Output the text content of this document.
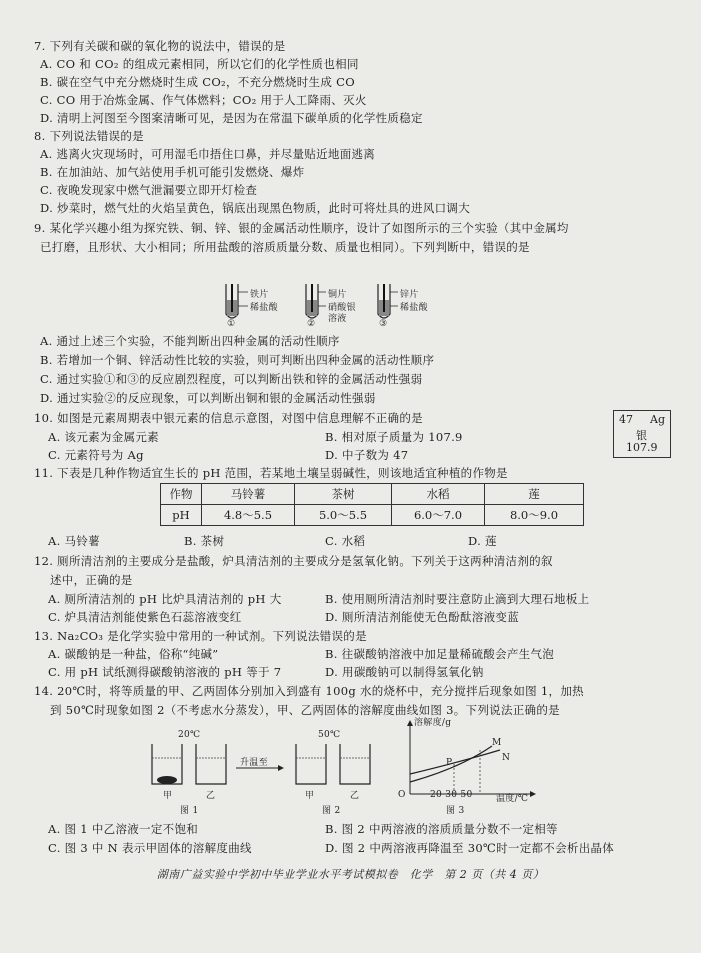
7. 下列有关碳和碳的氧化物的说法中，错误的是
A. CO 和 CO₂ 的组成元素相同，所以它们的化学性质也相同
B. 碳在空气中充分燃烧时生成 CO₂，不充分燃烧时生成 CO
C. CO 用于冶炼金属、作气体燃料；CO₂ 用于人工降雨、灭火
D. 清明上河图至今图案清晰可见，是因为在常温下碳单质的化学性质稳定
8. 下列说法错误的是
A. 逃离火灾现场时，可用湿毛巾捂住口鼻，并尽量贴近地面逃离
B. 在加油站、加气站使用手机可能引发燃烧、爆炸
C. 夜晚发现家中燃气泄漏要立即开灯检查
D. 炒菜时，燃气灶的火焰呈黄色，锅底出现黑色物质，此时可将灶具的进风口调大
9. 某化学兴趣小组为探究铁、铜、锌、银的金属活动性顺序，设计了如图所示的三个实验（其中金属均
已打磨，且形状、大小相同；所用盐酸的溶质质量分数、质量也相同）。下列判断中，错误的是
铁片
稀盐酸
①
铜片
硝酸银
溶液
②
锌片
稀盐酸
③
A. 通过上述三个实验，不能判断出四种金属的活动性顺序
B. 若增加一个铜、锌活动性比较的实验，则可判断出四种金属的活动性顺序
C. 通过实验①和③的反应剧烈程度，可以判断出铁和锌的金属活动性强弱
D. 通过实验②的反应现象，可以判断出铜和银的金属活动性强弱
10. 如图是元素周期表中银元素的信息示意图，对图中信息理解不正确的是
A. 该元素为金属元素	B. 相对原子质量为 107.9
C. 元素符号为 Ag	D. 中子数为 47
47 Ag
银
107.9
11. 下表是几种作物适宜生长的 pH 范围，若某地土壤呈弱碱性，则该地适宜种植的作物是
作物	马铃薯	茶树	水稻	莲
pH	4.8～5.5	5.0～5.5	6.0～7.0	8.0～9.0
A. 马铃薯	B. 茶树	C. 水稻	D. 莲
12. 厕所清洁剂的主要成分是盐酸，炉具清洁剂的主要成分是氢氧化钠。下列关于这两种清洁剂的叙
述中，正确的是
A. 厕所清洁剂的 pH 比炉具清洁剂的 pH 大	B. 使用厕所清洁剂时要注意防止滴到大理石地板上
C. 炉具清洁剂能使紫色石蕊溶液变红	D. 厕所清洁剂能使无色酚酞溶液变蓝
13. Na₂CO₃ 是化学实验中常用的一种试剂。下列说法错误的是
A. 碳酸钠是一种盐，俗称“纯碱”	B. 往碳酸钠溶液中加足量稀硫酸会产生气泡
C. 用 pH 试纸测得碳酸钠溶液的 pH 等于 7	D. 用碳酸钠可以制得氢氧化钠
14. 20℃时，将等质量的甲、乙两固体分别加入到盛有 100g 水的烧杯中，充分搅拌后现象如图 1，加热
到 50℃时现象如图 2（不考虑水分蒸发），甲、乙两固体的溶解度曲线如图 3。下列说法正确的是
20℃	50℃
升温至
甲	乙	甲	乙
图 1	图 2
溶解度/g
M
N
P
O	20 30 50	温度/℃
图 3
A. 图 1 中乙溶液一定不饱和	B. 图 2 中两溶液的溶质质量分数不一定相等
C. 图 3 中 N 表示甲固体的溶解度曲线	D. 图 2 中两溶液再降温至 30℃时一定都不会析出晶体
湖南广益实验中学初中毕业学业水平考试模拟卷　化学　第 2 页（共 4 页）
